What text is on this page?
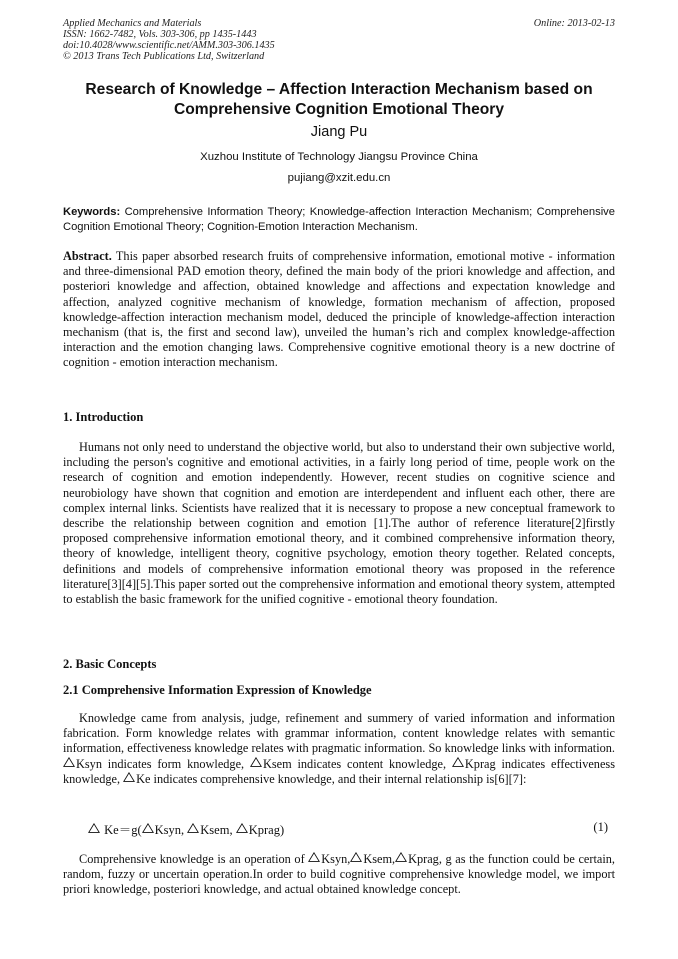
Applied Mechanics and Materials
ISSN: 1662-7482, Vols. 303-306, pp 1435-1443
doi:10.4028/www.scientific.net/AMM.303-306.1435
© 2013 Trans Tech Publications Ltd, Switzerland
Online: 2013-02-13
Research of Knowledge – Affection Interaction Mechanism based on
Comprehensive Cognition Emotional Theory
Jiang Pu
Xuzhou Institute of Technology Jiangsu Province China
pujiang@xzit.edu.cn
Keywords: Comprehensive Information Theory; Knowledge-affection Interaction Mechanism; Comprehensive Cognition Emotional Theory; Cognition-Emotion Interaction Mechanism.
Abstract. This paper absorbed research fruits of comprehensive information, emotional motive - information and three-dimensional PAD emotion theory, defined the main body of the priori knowledge and affection, and posteriori knowledge and affection, obtained knowledge and affections and expectation knowledge and affection, analyzed cognitive mechanism of knowledge, formation mechanism of affection, proposed knowledge-affection interaction mechanism model, deduced the principle of knowledge-affection interaction mechanism (that is, the first and second law), unveiled the human’s rich and complex knowledge-affection interaction and the emotion changing laws. Comprehensive cognitive emotional theory is a new doctrine of cognition - emotion interaction mechanism.
1. Introduction
Humans not only need to understand the objective world, but also to understand their own subjective world, including the person's cognitive and emotional activities, in a fairly long period of time, people work on the research of cognition and emotion independently. However, recent studies on cognitive science and neurobiology have shown that cognition and emotion are interdependent and influent each other, there are complex internal links. Scientists have realized that it is necessary to propose a new conceptual framework to describe the relationship between cognition and emotion [1].The author of reference literature[2]firstly proposed comprehensive information emotional theory, and it combined comprehensive information theory, theory of knowledge, intelligent theory, cognitive psychology, emotion theory together. Related concepts, definitions and models of comprehensive information emotional theory was proposed in the reference literature[3][4][5].This paper sorted out the comprehensive information and emotional theory system, attempted to establish the basic framework for the unified cognitive - emotional theory foundation.
2. Basic Concepts
2.1 Comprehensive Information Expression of Knowledge
Knowledge came from analysis, judge, refinement and summery of varied information and information fabrication. Form knowledge relates with grammar information, content knowledge relates with semantic information, effectiveness knowledge relates with pragmatic information. So knowledge links with information.
Ksyn indicates form knowledge,
Ksem indicates content knowledge,
Kprag indicates effectiveness knowledge,
Ke indicates comprehensive knowledge, and their internal relationship is[6][7]:
Ke＝g( Ksyn,
Ksem,
Kprag)	(1)
Comprehensive knowledge is an operation of
Ksyn, Ksem, Kprag, g as the function could be certain, random, fuzzy or uncertain operation.In order to build cognitive comprehensive knowledge model, we import priori knowledge, posteriori knowledge, and actual obtained knowledge concept.
